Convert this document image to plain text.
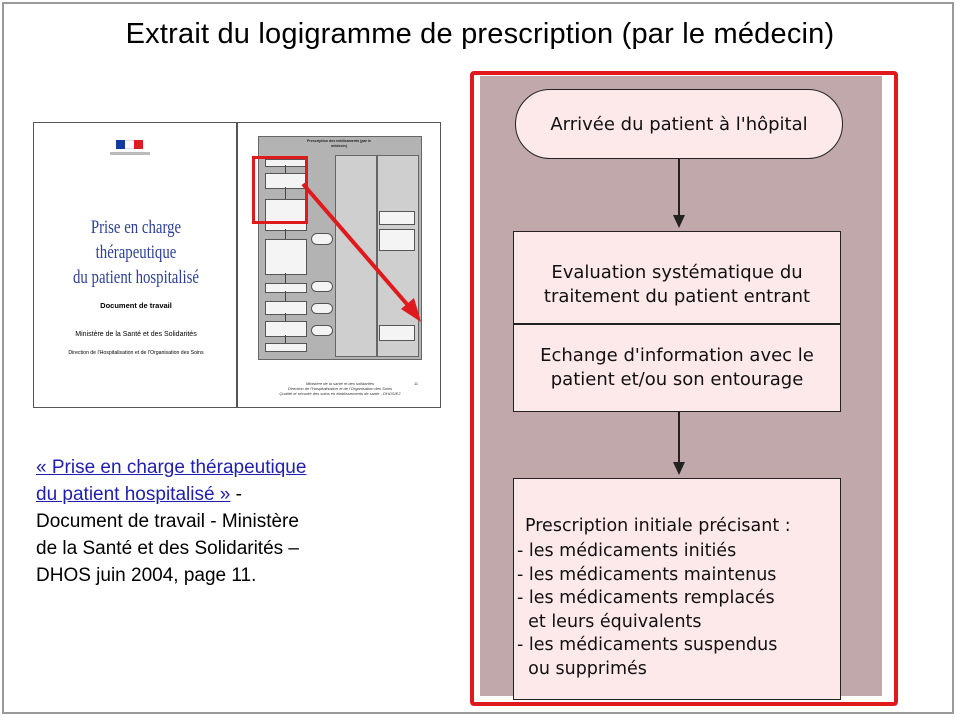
Extrait du logigramme de prescription (par le médecin)
Prise en charge thérapeutique
du patient hospitalisé
Document de travail
Ministère de la Santé et des Solidarités
Direction de l'Hospitalisation et de l'Organisation des Soins
Prescription des médicaments (par le médecin)
Ministère de la santé et des solidarités
Direction de l'Hospitalisation et de l'Organisation des Soins
Qualité et sécurité des soins en établissements de santé - DHOS/E2
11
« Prise en charge thérapeutique
du patient hospitalisé » -
Document de travail - Ministère
de la Santé et des Solidarités –
DHOS juin 2004, page 11.
Arrivée du patient à l'hôpital
Evaluation systématique du
traitement du patient entrant
Echange d'information avec le
patient et/ou son entourage
Prescription initiale précisant :
- les médicaments initiés
- les médicaments maintenus
- les médicaments remplacés
et leurs équivalents
- les médicaments suspendus
ou supprimés
